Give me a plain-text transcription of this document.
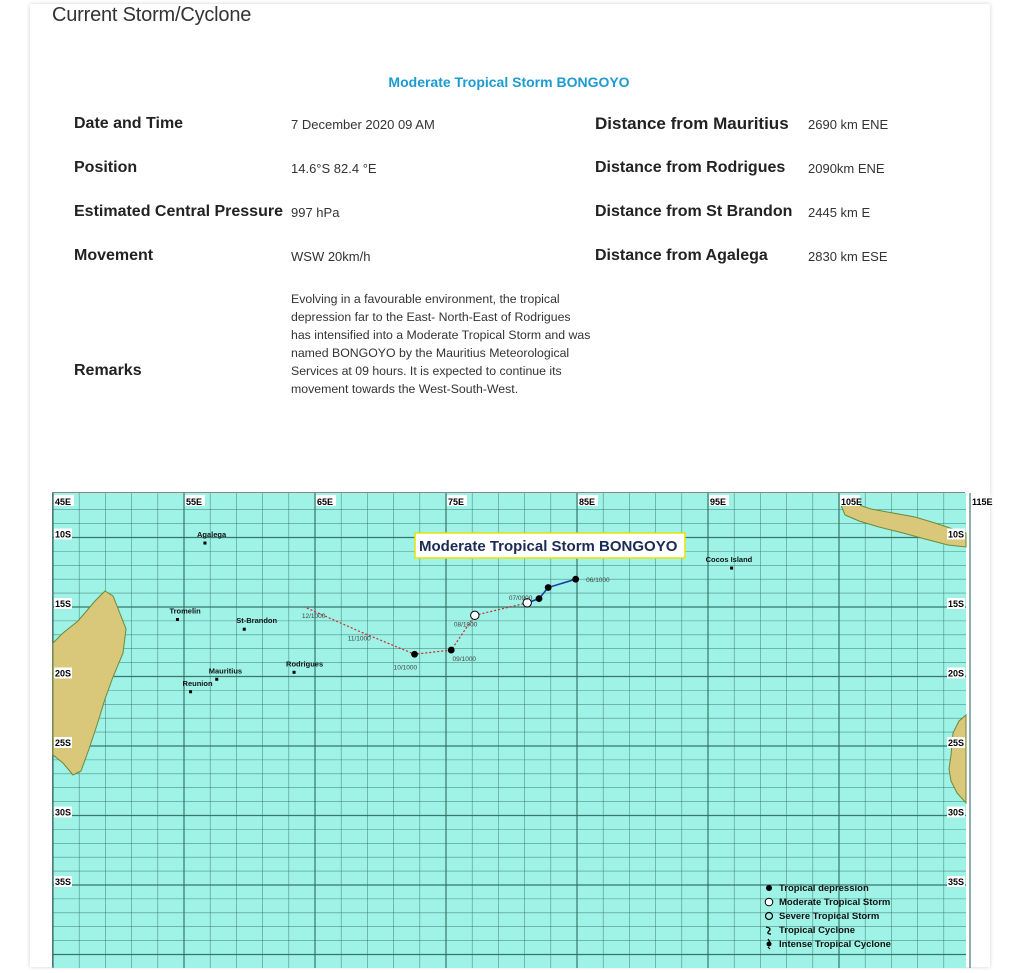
Current Storm/Cyclone
Moderate Tropical Storm BONGOYO
Date and Time	7 December 2020 09 AM
Position	14.6°S 82.4 °E
Estimated Central Pressure 997 hPa
Movement	WSW 20km/h
Distance from Mauritius 2690 km ENE
Distance from Rodrigues 2090km ENE
Distance from St Brandon 2445 km E
Distance from Agalega	2830 km ESE
Remarks
Evolving in a favourable environment, the tropical depression far to the East- North-East of Rodrigues has intensified into a Moderate Tropical Storm and was named BONGOYO by the Mauritius Meteorological Services at 09 hours. It is expected to continue its movement towards the West-South-West.
Moderate Tropical Storm BONGOYO
45E	55E	65E	75E	85E	95E	105E	115E
10S	10S
15S	15S
20S	20S
25S	25S
30S	30S
35S	35S
Agalega
Tromelin
St-Brandon
Mauritius
Reunion
Rodrigues
Cocos Island
06/1000
07/0900
08/1000
09/1000
10/1000
11/1000
12/1000
Tropical depression
Moderate Tropical Storm
Severe Tropical Storm
Tropical Cyclone
Intense Tropical Cyclone
